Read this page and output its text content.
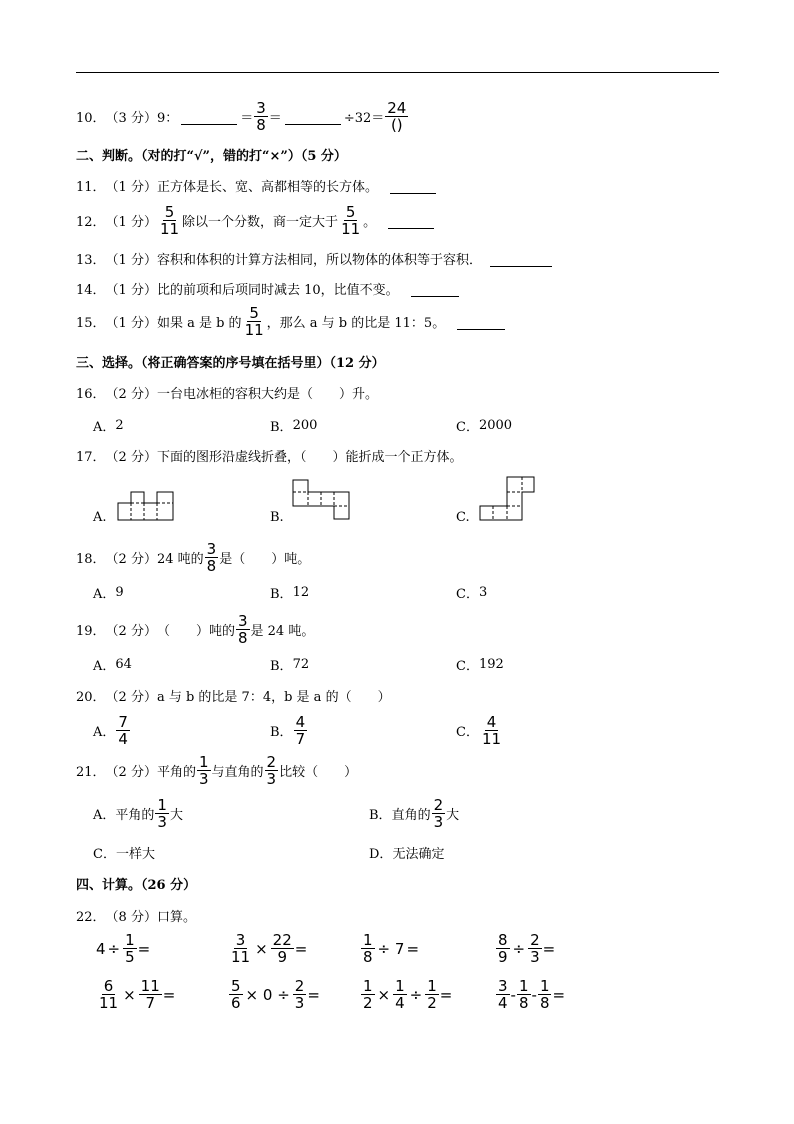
10． （3 分） 9：	＝ $\frac{3}{8}$ ＝	$\div 32= \frac{24}{()}$
二、判断。（对的打“√”，错的打“×”）（5 分）
11． （1 分） 正方体是长、宽、高都相等的长方体。
12． （1 分） $\frac{5}{11}$ 除以一个分数，商一定大于 $\frac{5}{11}$ 。
13． （1 分） 容积和体积的计算方法相同，所以物体的体积等于容积．
14． （1 分） 比的前项和后项同时减去 10，比值不变。
15． （1 分） 如果 a 是 b 的 $\frac{5}{11}$ ，那么 a 与 b 的比是 11：5。
三、选择。（将正确答案的序号填在括号里）（12 分）
16． （2 分） 一台电冰柜的容积大约是（ ）升。
A． 2	B． 200	C． 2000
17． （2 分） 下面的图形沿虚线折叠，（ ）能折成一个正方体。
A.	B.	C.
18． （2 分） 24 吨的 $\frac{3}{8}$ 是（ ）吨。
A． 9	B． 12	C． 3
19． （2 分） （ ）吨的 $\frac{3}{8}$ 是 24 吨。
A． 64	B． 72	C． 192
20． （2 分） a 与 b 的比是 7：4，b 是 a 的（ ）
A． $\frac{7}{4}$	B． $\frac{4}{7}$	C． $\frac{4}{11}$
21． （2 分） 平角的 $\frac{1}{3}$ 与直角的 $\frac{2}{3}$ 比较（ ）
A． 平角的 $\frac{1}{3}$ 大	B． 直角的 $\frac{2}{3}$ 大
C． 一样大	D． 无法确定
四、计算。（26 分）
22． （8 分） 口算。
$4 \div \frac{1}{5}$ =	$\frac{3}{11} \times \frac{22}{9}$ =	$\frac{1}{8} \div 7$ =	$\frac{8}{9} \div \frac{2}{3}$ =
$\frac{6}{11} \times \frac{11}{7}$ =	$\frac{5}{6} \times 0 \div \frac{2}{3}$ =	$\frac{1}{2} \times \frac{1}{4} \div \frac{1}{2}$ =	$\frac{3}{4} - \frac{1}{8} - \frac{1}{8}$ =
